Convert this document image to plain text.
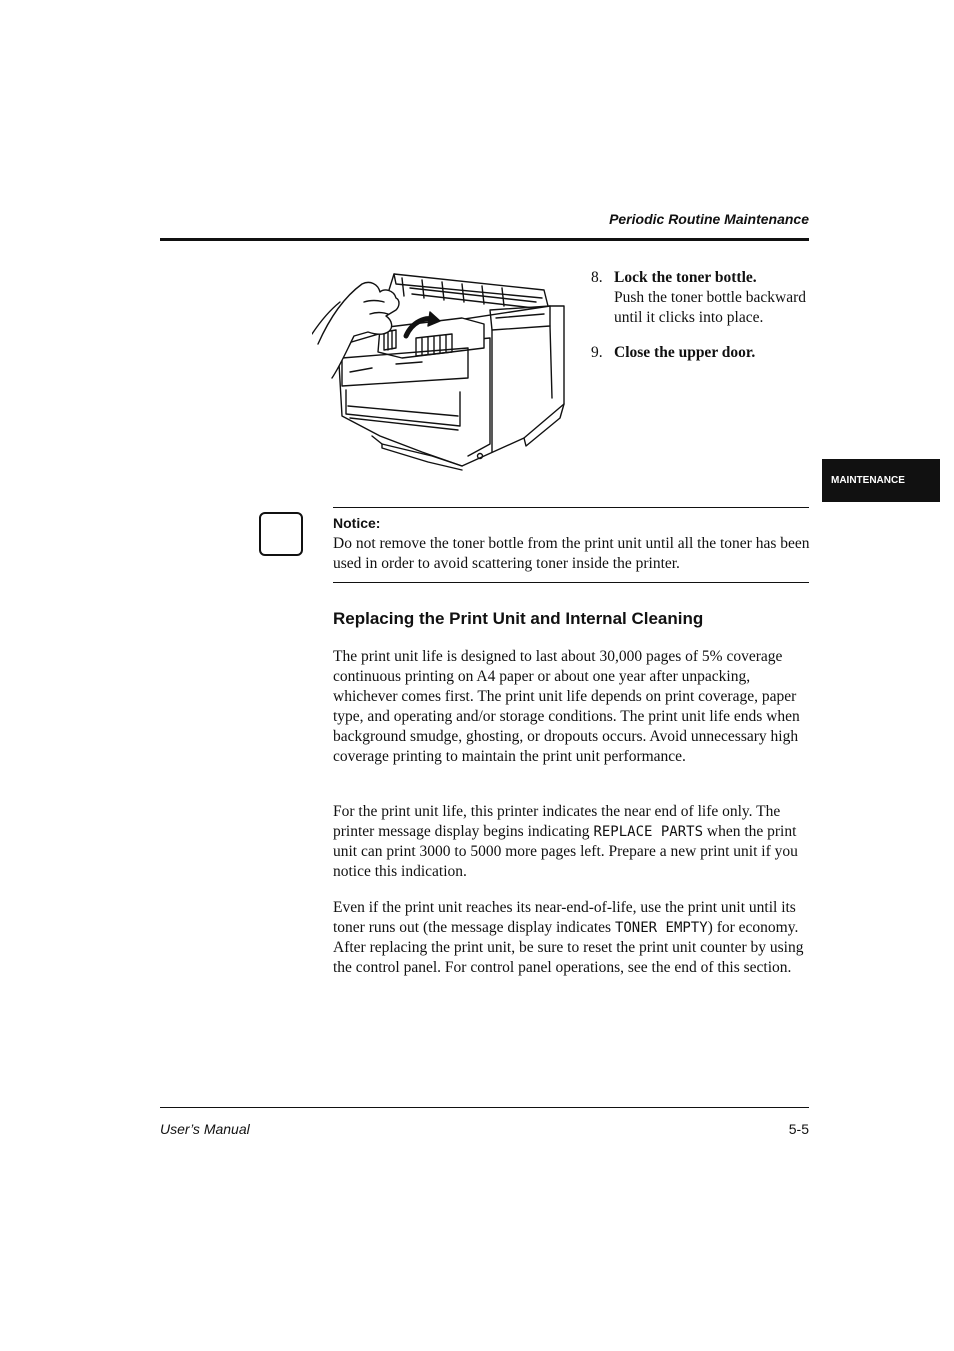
Periodic Routine Maintenance
8. Lock the toner bottle.
Push the toner bottle backward until it clicks into place.
9. Close the upper door.
MAINTENANCE
Notice:
Do not remove the toner bottle from the print unit until all the toner has been used in order to avoid scattering toner inside the printer.
Replacing the Print Unit and Internal Cleaning

The print unit life is designed to last about 30,000 pages of 5% coverage continuous printing on A4 paper or about one year after unpacking, whichever comes first. The print unit life depends on print coverage, paper type, and operating and/or storage conditions. The print unit life ends when background smudge, ghosting, or dropouts occurs. Avoid unnecessary high coverage printing to maintain the print unit performance.

For the print unit life, this printer indicates the near end of life only. The printer message display begins indicating REPLACE PARTS when the print unit can print 3000 to 5000 more pages left. Prepare a new print unit if you notice this indication.

Even if the print unit reaches its near-end-of-life, use the print unit until its toner runs out (the message display indicates TONER EMPTY) for economy. After replacing the print unit, be sure to reset the print unit counter by using the control panel. For control panel operations, see the end of this section.

User’s Manual	5-5
